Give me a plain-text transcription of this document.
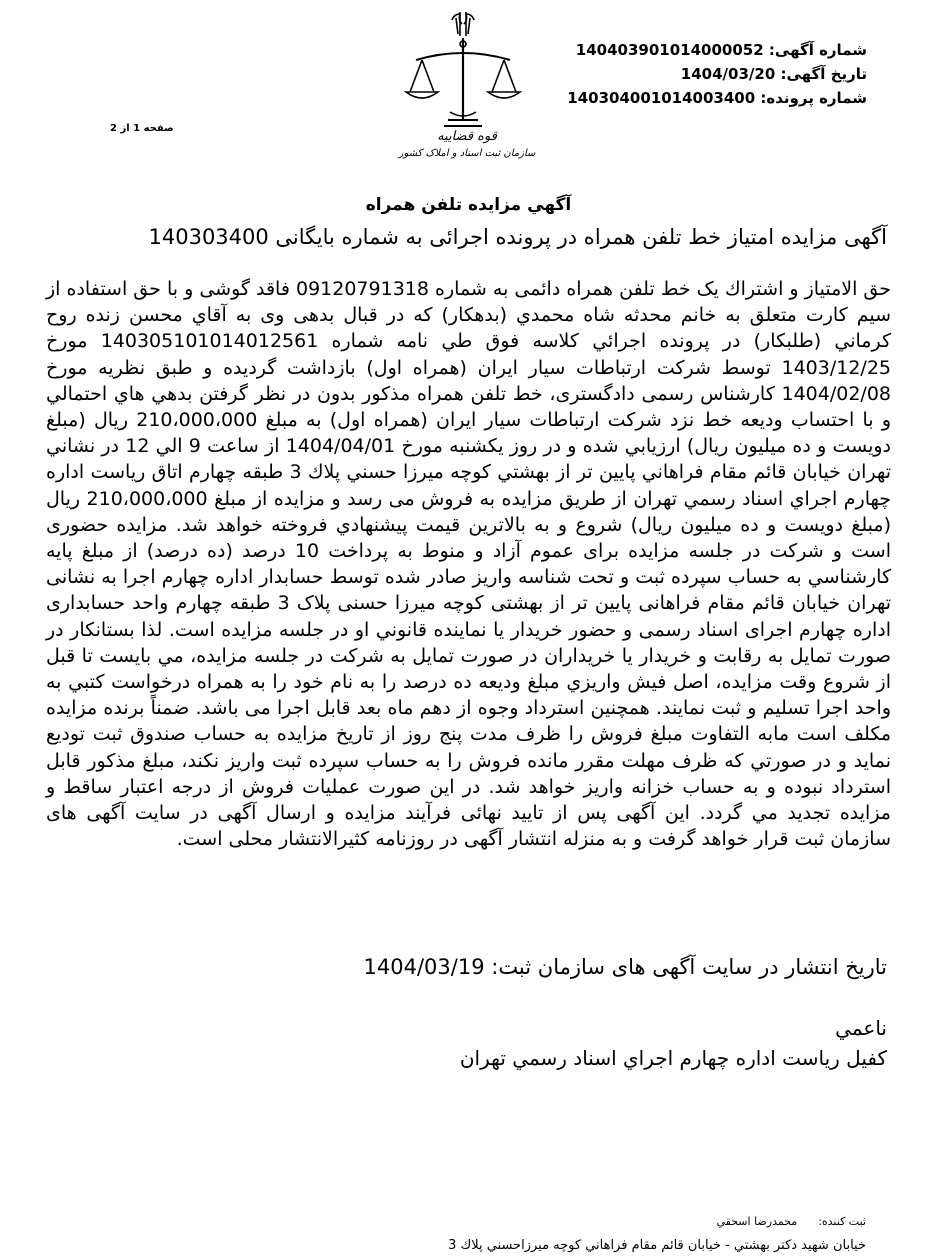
شماره آگهی: 140403901014000052
تاریخ آگهی: 1404/03/20
شماره پرونده: 140304001014003400
صفحه 1 از 2
قوه قضاییه
سازمان ثبت اسناد و املاک کشور
آگهي مزايده تلفن همراه
آگهی مزایده امتیاز خط تلفن همراه در پرونده اجرائی به شماره بایگانی 140303400
حق الامتياز و اشتراك يک خط تلفن همراه دائمی به شماره 09120791318 فاقد گوشی و با حق استفاده از سیم کارت متعلق به خانم محدثه شاه محمدي (بدهكار) که در قبال بدهی وی به آقاي محسن زنده روح كرماني (طلبكار) در پرونده اجرائي كلاسه فوق طي نامه شماره 14030510101401256​1 مورخ 1403/12/25 توسط شرکت ارتباطات سیار ایران (همراه اول) بازداشت گرديده و طبق نظريه مورخ 1404/02/08 کارشناس رسمی دادگستری، خط تلفن همراه مذکور بدون در نظر گرفتن بدهي هاي احتمالي و با احتساب وديعه خط نزد شرکت ارتباطات سیار ایران (همراه اول) به مبلغ 210،000،000 ريال (مبلغ دويست و ده ميليون ريال) ارزيابي شده و در روز یکشنبه مورخ 1404/04/01 از ساعت 9 الي 12 در نشاني تهران خيابان قائم مقام فراهاني پايين تر از بهشتي كوچه ميرزا حسني پلاك 3 طبقه چهارم اتاق رياست اداره چهارم اجراي اسناد رسمي تهران از طريق مزايده به فروش می رسد و مزایده از مبلغ 210،000،000 ريال (مبلغ دويست و ده ميليون ريال) شروع و به بالاترين قيمت پيشنهادي فروخته خواهد شد. مزایده حضوری است و شرکت در جلسه مزایده برای عموم آزاد و منوط به پرداخت 10 درصد (ده درصد) از مبلغ پايه كارشناسي به حساب سپرده ثبت و تحت شناسه واريز صادر شده توسط حسابدار اداره چهارم اجرا به نشانی تهران خیابان قائم مقام فراهانی پایین تر از بهشتی کوچه میرزا حسنی پلاک 3 طبقه چهارم واحد حسابداری اداره چهارم اجرای اسناد رسمی و حضور خریدار یا نماينده قانوني او در جلسه مزایده است. لذا بستانكار در صورت تمايل به رقابت و خريدار يا خريداران در صورت تمايل به شركت در جلسه مزايده، مي بايست تا قبل از شروع وقت مزايده، اصل فيش واريزي مبلغ وديعه ده درصد را به نام خود را به همراه درخواست كتبي به واحد اجرا تسليم و ثبت نمايند. همچنین استرداد وجوه از دهم ماه بعد قابل اجرا می باشد. ضمناً برنده مزایده مکلف است مابه التفاوت مبلغ فروش را ظرف مدت پنج روز از تاريخ مزايده به حساب صندوق ثبت توديع نمايد و در صورتي كه ظرف مهلت مقرر مانده فروش را به حساب سپرده ثبت واريز نكند، مبلغ مذكور قابل استرداد نبوده و به حساب خزانه واريز خواهد شد. در این صورت عملیات فروش از درجه اعتبار ساقط و مزايده تجديد مي گردد. این آگهی پس از تایید نهائی فرآیند مزایده و ارسال آگهی در سایت آگهی های سازمان ثبت قرار خواهد گرفت و به منزله انتشار آگهی در روزنامه کثیرالانتشار محلی است.
تاریخ انتشار در سایت آگهی های سازمان ثبت: 1404/03/19
ناعمي
كفيل رياست اداره چهارم اجراي اسناد رسمي تهران
ثبت كننده:      محمدرضا اسحقي
خيابان شهيد دكتر بهشتي - خيابان قائم مقام فراهاني كوچه ميرزاحسني پلاك 3
